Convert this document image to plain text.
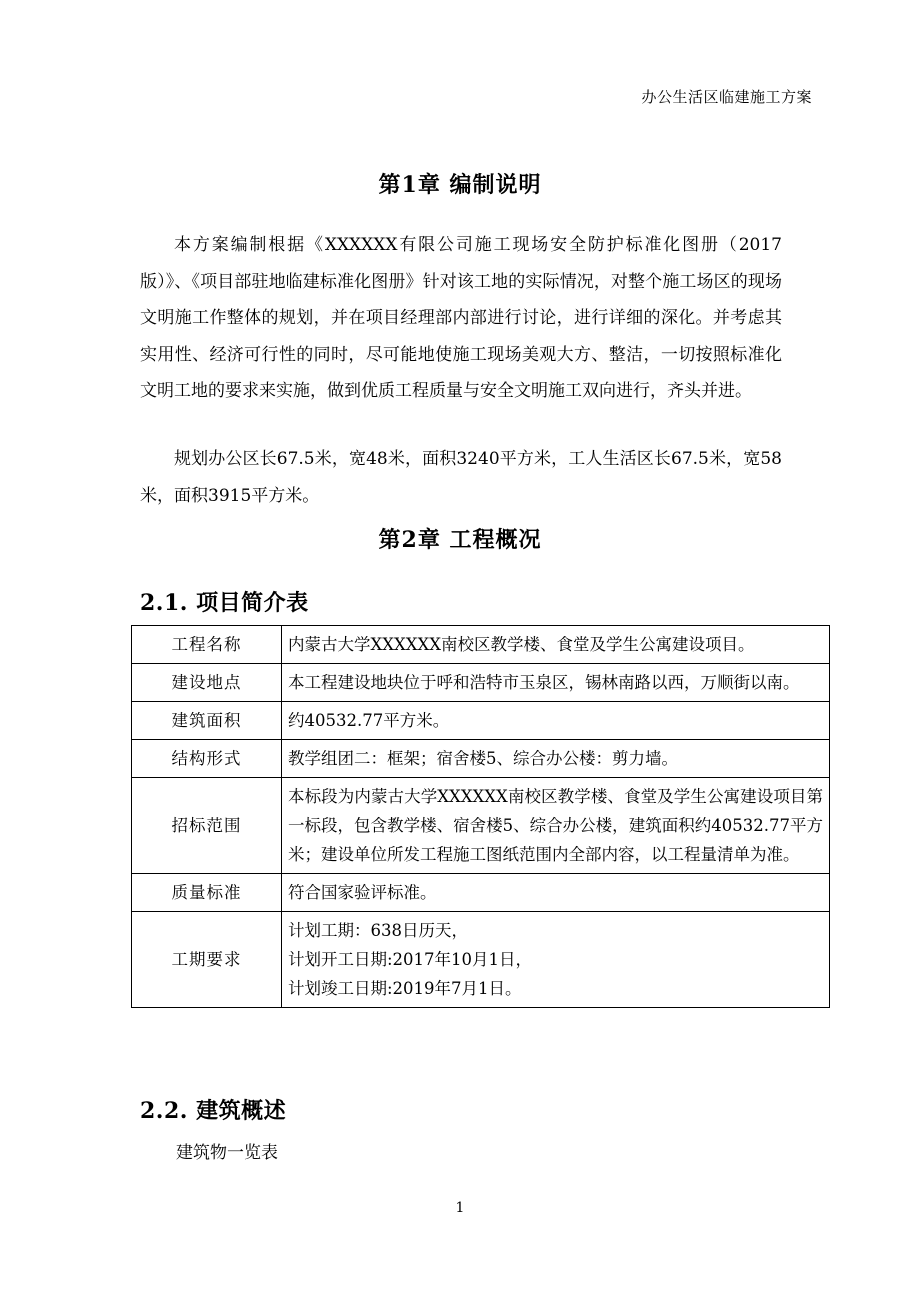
办公生活区临建施工方案
第1章 编制说明
本方案编制根据《XXXXXX有限公司施工现场安全防护标准化图册（2017版）》、《项目部驻地临建标准化图册》针对该工地的实际情况，对整个施工场区的现场文明施工作整体的规划，并在项目经理部内部进行讨论，进行详细的深化。并考虑其实用性、经济可行性的同时，尽可能地使施工现场美观大方、整洁，一切按照标准化文明工地的要求来实施，做到优质工程质量与安全文明施工双向进行，齐头并进。
规划办公区长67.5米，宽48米，面积3240平方米，工人生活区长67.5米，宽58米，面积3915平方米。
第2章 工程概况
2.1. 项目简介表
工程名称	内蒙古大学XXXXXX南校区教学楼、食堂及学生公寓建设项目。
建设地点	本工程建设地块位于呼和浩特市玉泉区，锡林南路以西，万顺街以南。
建筑面积	约40532.77平方米。
结构形式	教学组团二：框架；宿舍楼5、综合办公楼：剪力墙。
招标范围	本标段为内蒙古大学XXXXXX南校区教学楼、食堂及学生公寓建设项目第一标段，包含教学楼、宿舍楼5、综合办公楼，建筑面积约40532.77平方米；建设单位所发工程施工图纸范围内全部内容，以工程量清单为准。
质量标准	符合国家验评标准。
工期要求	计划工期：638日历天，
计划开工日期:2017年10月1日，
计划竣工日期:2019年7月1日。
2.2. 建筑概述
建筑物一览表
1
